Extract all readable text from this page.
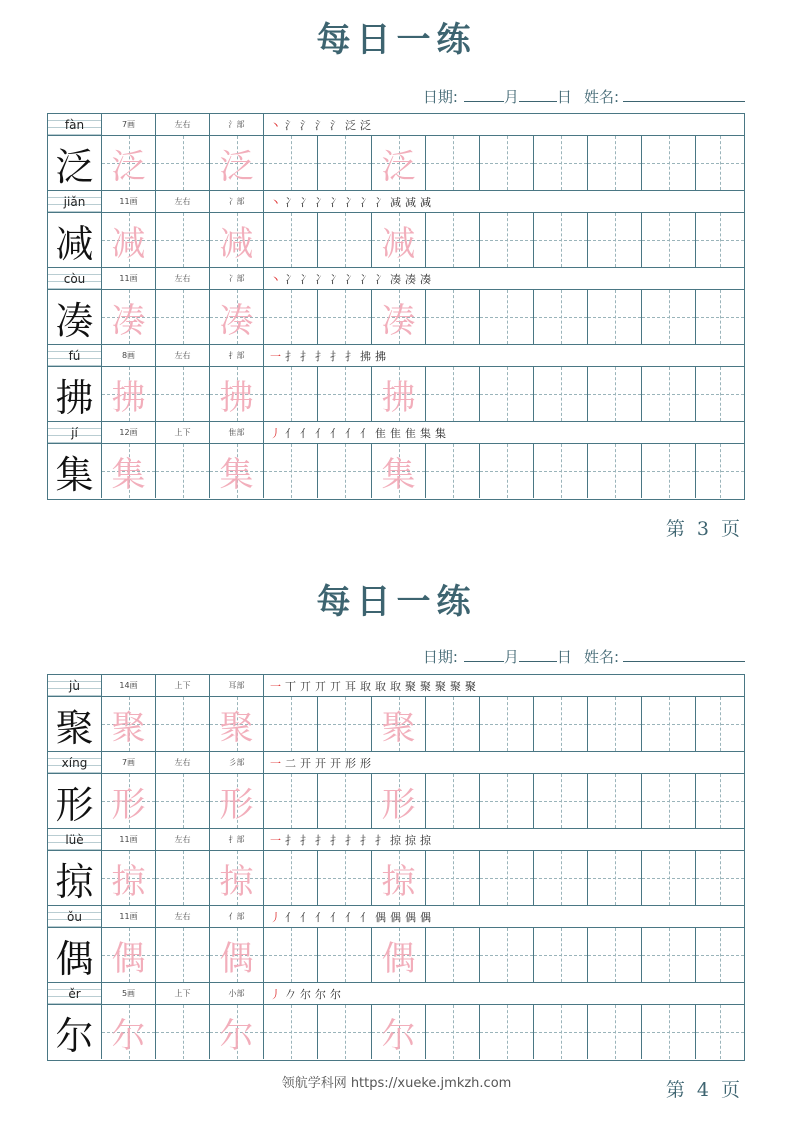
每日一练
日期:	月	日 姓名:
fàn	7画	左右	氵部	丶 氵 氵 氵 氵 泛 泛
泛 泛 泛	泛
jiǎn	11画	左右	冫部	丶 冫 冫 冫 冫 冫 冫 冫 减 减 减
减 减 减	减
còu	11画	左右	冫部	丶 冫 冫 冫 冫 冫 冫 冫 凑 凑 凑
凑 凑 凑	凑
fú	8画	左右	扌部	一 扌 扌 扌 扌 扌 拂 拂
拂 拂 拂	拂
jí	12画	上下	隹部	丿 亻 亻 亻 亻 亻 亻 隹 隹 隹 集 集
集 集 集	集
第 3 页
每日一练
日期:	月	日 姓名:
jù	14画	上下	耳部	一 丅 丌 丌 丌 耳 取 取 取 聚 聚 聚 聚 聚
聚 聚 聚	聚
xíng	7画	左右	彡部	一 二 开 开 开 形 形
形 形 形	形
lüè	11画	左右	扌部	一 扌 扌 扌 扌 扌 扌 扌 掠 掠 掠
掠 掠 掠	掠
ǒu	11画	左右	亻部	丿 亻 亻 亻 亻 亻 亻 偶 偶 偶 偶
偶 偶 偶	偶
ěr	5画	上下	小部	丿 𠂊 尔 尔 尔
尔 尔 尔	尔
第 4 页
领航学科网 https://xueke.jmkzh.com
